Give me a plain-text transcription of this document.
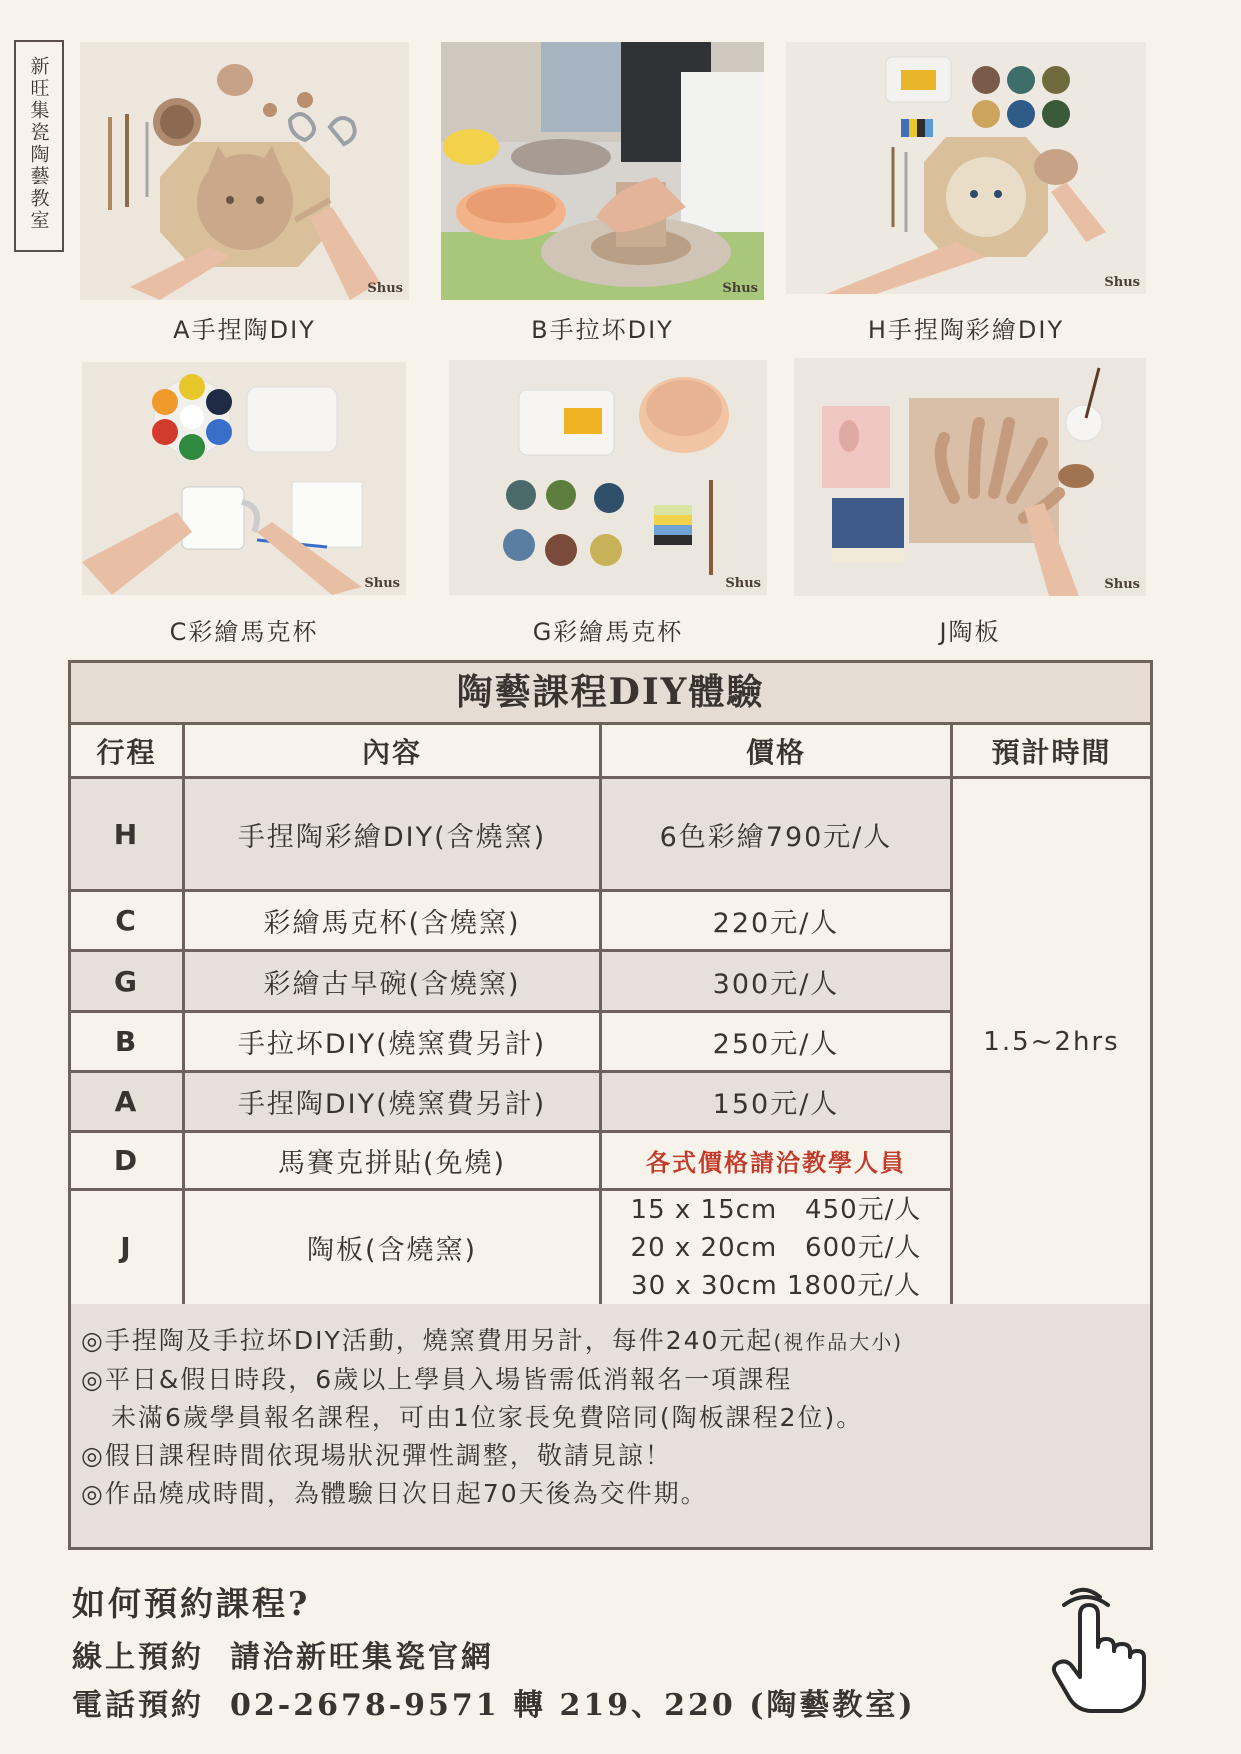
新旺集瓷陶藝教室
Shus
A手捏陶DIY
Shus
B手拉坏DIY
Shus
H手捏陶彩繪DIY
Shus
C彩繪馬克杯
Shus
G彩繪馬克杯
Shus
J陶板
陶藝課程DIY體驗
行程	內容	價格	預計時間
H	手捏陶彩繪DIY(含燒窯)	6色彩繪790元/人
C	彩繪馬克杯(含燒窯)	220元/人
G	彩繪古早碗(含燒窯)	300元/人
B	手拉坏DIY(燒窯費另計)	250元/人
A	手捏陶DIY(燒窯費另計)	150元/人
D	馬賽克拼貼(免燒)	各式價格請洽教學人員
J	陶板(含燒窯)
15 x 15cm   450元/人
20 x 20cm   600元/人
30 x 30cm 1800元/人
1.5~2hrs
◎手捏陶及手拉坏DIY活動，燒窯費用另計，每件240元起(視作品大小)
◎平日&假日時段，6歲以上學員入場皆需低消報名一項課程
未滿6歲學員報名課程，可由1位家長免費陪同(陶板課程2位)。
◎假日課程時間依現場狀況彈性調整，敬請見諒！
◎作品燒成時間，為體驗日次日起70天後為交件期。
如何預約課程?
線上預約 請洽新旺集瓷官網
電話預約 02-2678-9571 轉 219、220 (陶藝教室)
